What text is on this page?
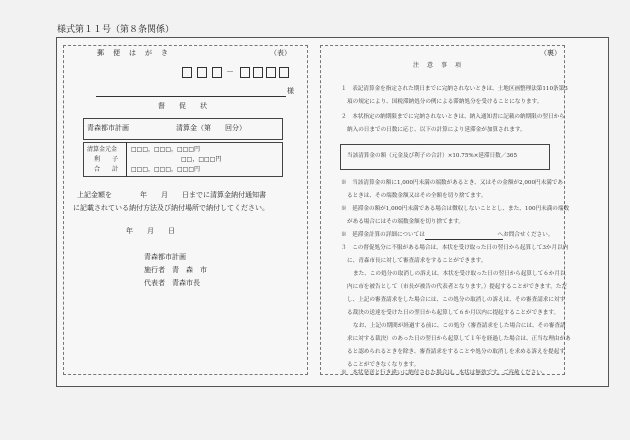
様式第１１号（第８条関係）
郵　便　は　が　き	（表）
－
様
督　　促　　状
青森都市計画	清算金（第　　回分）
清算金元金 □□□，□□□，□□□円
利　　子	□□，□□□円
合　　計 □□□，□□□，□□□円
上記金額を　　　　年　　月　　日までに清算金納付通知書
に記載されている納付方法及び納付場所で納付してください。
年　　月　　日
青森都市計画
施行者　青　森　市
代表者　青森市長
（裏）
注　意　事　項
１　表記清算金を指定された期日までに完納されないときは、土地区画整理法第110条第3
項の規定により、国税滞納処分の例による滞納処分を受けることになります。
２　本状指定の納期限までに完納されないときは、納入通知書に記載の納期限の翌日から
納入の日までの日数に応じ、以下の計算により延滞金が加算されます。
当該清算金の額（元金及び利子の合計）×10.75%×延滞日数／365
※　当該清算金の額に1,000円未満の端数があるとき、又はその金額が2,000円未満であ
るときは、その端数金額又はその全額を切り捨てます。
※　延滞金の額が1,000円未満である場合は徴収しないこととし、また、100円未満の端数
がある場合にはその端数金額を切り捨てます。
※　延滞金計算の詳細については　　　　　　　　　　　　　へお問合せください。
３　この督促処分に不服がある場合は、本状を受け取った日の翌日から起算して3か月以内
に、青森市長に対して審査請求をすることができます。
また、この処分の取消しの訴えは、本状を受け取った日の翌日から起算して６か月以
内に市を被告として（市長が被告の代表者となります。）提起することができます。ただ
し、上記の審査請求をした場合には、この処分の取消しの訴えは、その審査請求に対す
る裁決の送達を受けた日の翌日から起算して６か月以内に提起することができます。
なお、上記の期間が経過する前に、この処分（審査請求をした場合には、その審査請
求に対する裁決）のあった日の翌日から起算して１年を経過した場合は、正当な理由があ
ると認められるときを除き、審査請求をすることや処分の取消しを求める訴えを提起す
ることができなくなります。
※　本状発送と行き違いに納付された場合は、本状は無効です。ご容赦ください。
